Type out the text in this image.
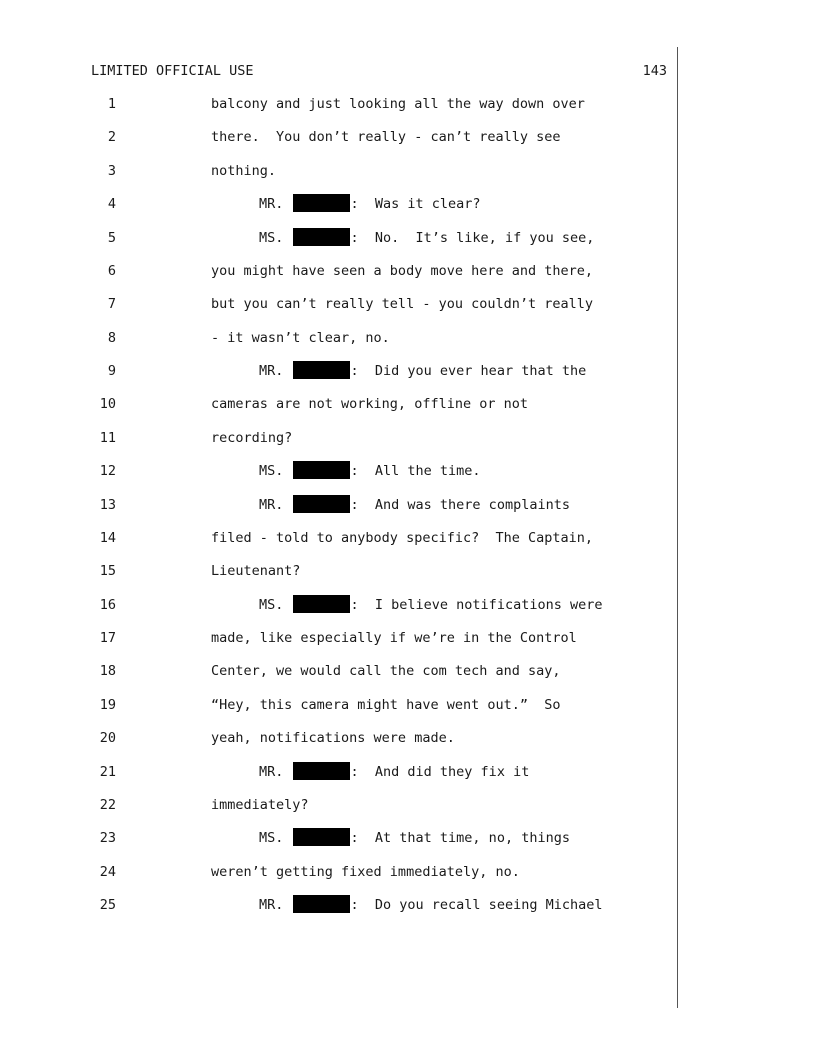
LIMITED OFFICIAL USE	143
1	balcony and just looking all the way down over
2	there.  You don’t really - can’t really see
3	nothing.
4	MR.	:  Was it clear?
5	MS.	:  No.  It’s like, if you see,
6	you might have seen a body move here and there,
7	but you can’t really tell - you couldn’t really
8	- it wasn’t clear, no.
9	MR.	:  Did you ever hear that the
10	cameras are not working, offline or not
11	recording?
12	MS.	:  All the time.
13	MR.	:  And was there complaints
14	filed - told to anybody specific?  The Captain,
15	Lieutenant?
16	MS.	:  I believe notifications were
17	made, like especially if we’re in the Control
18	Center, we would call the com tech and say,
19	“Hey, this camera might have went out.”  So
20	yeah, notifications were made.
21	MR.	:  And did they fix it
22	immediately?
23	MS.	:  At that time, no, things
24	weren’t getting fixed immediately, no.
25	MR.	:  Do you recall seeing Michael
